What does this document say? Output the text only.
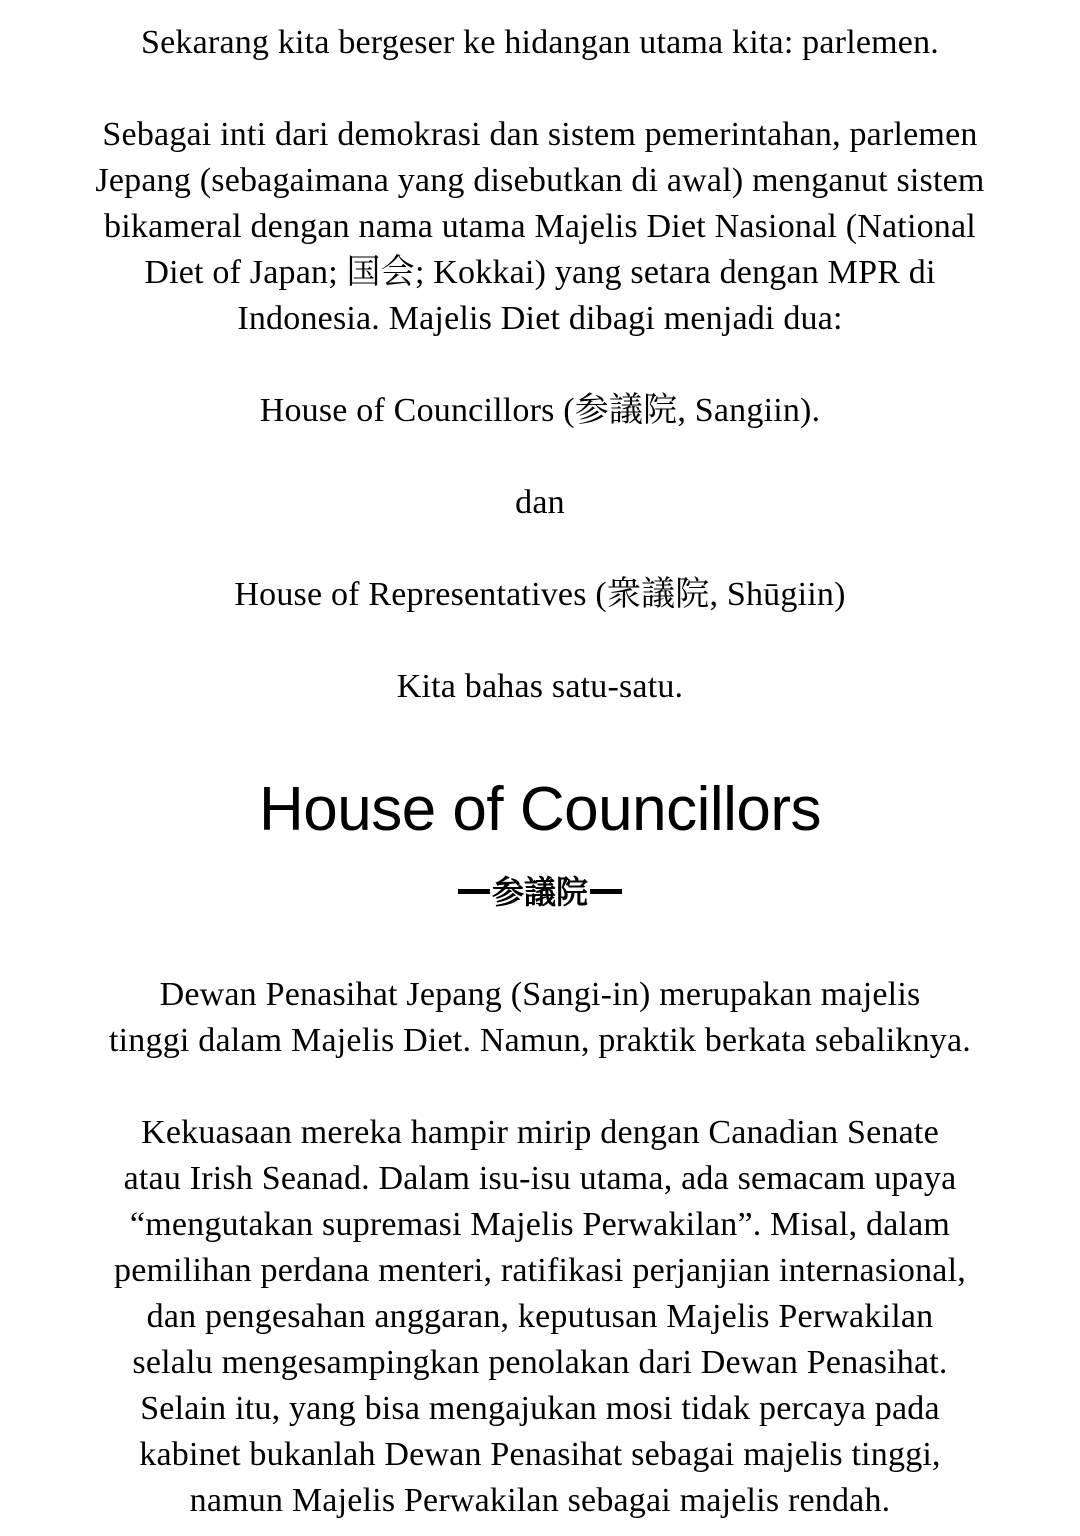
Sekarang kita bergeser ke hidangan utama kita: parlemen.

Sebagai inti dari demokrasi dan sistem pemerintahan, parlemen
Jepang (sebagaimana yang disebutkan di awal) menganut sistem
bikameral dengan nama utama Majelis Diet Nasional (National
Diet of Japan; 国会; Kokkai) yang setara dengan MPR di
Indonesia. Majelis Diet dibagi menjadi dua:

House of Councillors (参議院, Sangiin).

dan

House of Representatives (衆議院, Shūgiin)

Kita bahas satu-satu.

House of Councillors
参議院

Dewan Penasihat Jepang (Sangi-in) merupakan majelis
tinggi dalam Majelis Diet. Namun, praktik berkata sebaliknya.

Kekuasaan mereka hampir mirip dengan Canadian Senate
atau Irish Seanad. Dalam isu-isu utama, ada semacam upaya
“mengutakan supremasi Majelis Perwakilan”. Misal, dalam
pemilihan perdana menteri, ratifikasi perjanjian internasional,
dan pengesahan anggaran, keputusan Majelis Perwakilan
selalu mengesampingkan penolakan dari Dewan Penasihat.
Selain itu, yang bisa mengajukan mosi tidak percaya pada
kabinet bukanlah Dewan Penasihat sebagai majelis tinggi,
namun Majelis Perwakilan sebagai majelis rendah.
